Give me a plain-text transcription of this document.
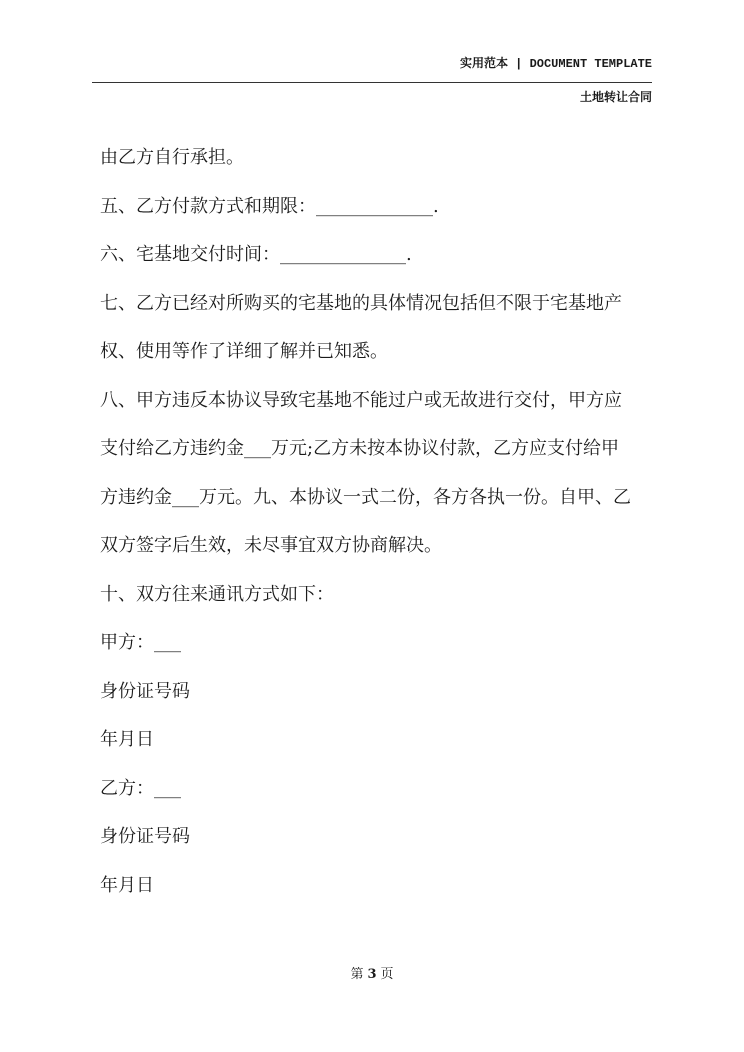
实用范本 | DOCUMENT TEMPLATE
土地转让合同

由乙方自行承担。

五、乙方付款方式和期限：_____________.

六、宅基地交付时间：______________.

七、乙方已经对所购买的宅基地的具体情况包括但不限于宅基地产

权、使用等作了详细了解并已知悉。

八、甲方违反本协议导致宅基地不能过户或无故进行交付，甲方应

支付给乙方违约金___万元;乙方未按本协议付款，乙方应支付给甲

方违约金___万元。九、本协议一式二份，各方各执一份。自甲、乙

双方签字后生效，未尽事宜双方协商解决。

十、双方往来通讯方式如下：

甲方：___

身份证号码

年月日

乙方：___

身份证号码

年月日

第 3 页
